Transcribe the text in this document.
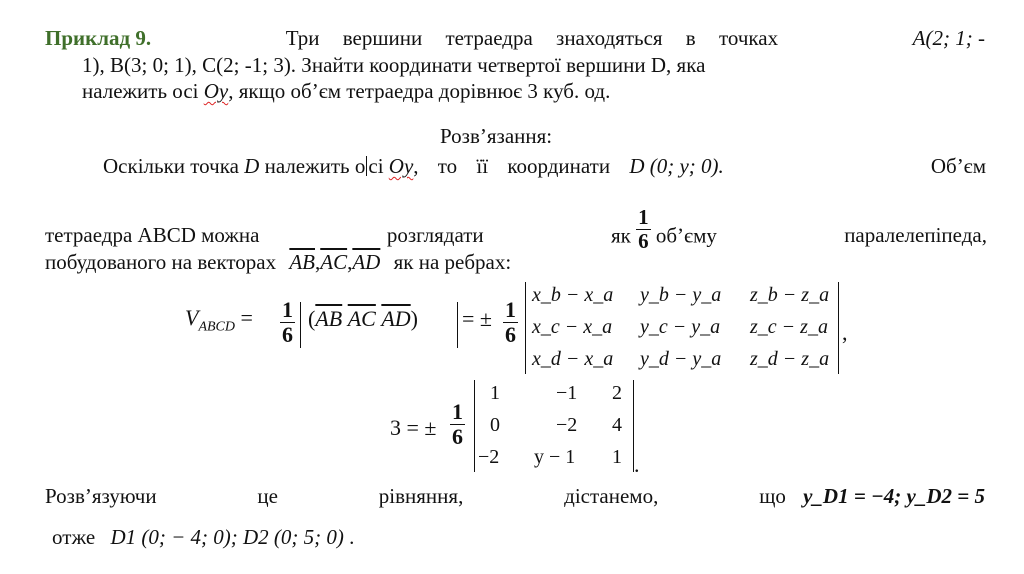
Приклад 9.	Три вершини тетраедра знаходяться в точках	A(2; 1; -
1), B(3; 0; 1), C(2; -1; 3). Знайти координати четвертої вершини D, яка
належить осі Oy, якщо об’єм тетраедра дорівнює 3 куб. од.
Розв’язання:
Оскільки точка D належить о сі Oy, то її координати D (0; y; 0).	Об’єм
тетраедра ABCD можна	розглядати	як $\frac{1}{6}$ об’єму	паралелепіпеда,
побудованого на векторах $\overline{AB},\overline{AC},\overline{AD}$ як на ребрах:
$V_{ABCD} = \frac{1}{6} (\overline{AB}$ $\overline{AC}$ $\overline{AD}$) = ± $\frac{1}{6}$
x_b − x_a y_b − y_a z_b − z_a
x_c − x_a y_c − y_a z_c − z_a
x_d − x_a y_d − y_a z_d − z_a
,
3 = ± $\frac{1}{6}$
1	−1 2
0	−2 4
−2 y − 1 1 .
Розв’язуючи	це	рівняння,	дістанемо,	що y_D1 = −4; y_D2 = 5
отже D1 (0; − 4; 0); D2 (0; 5; 0) .
